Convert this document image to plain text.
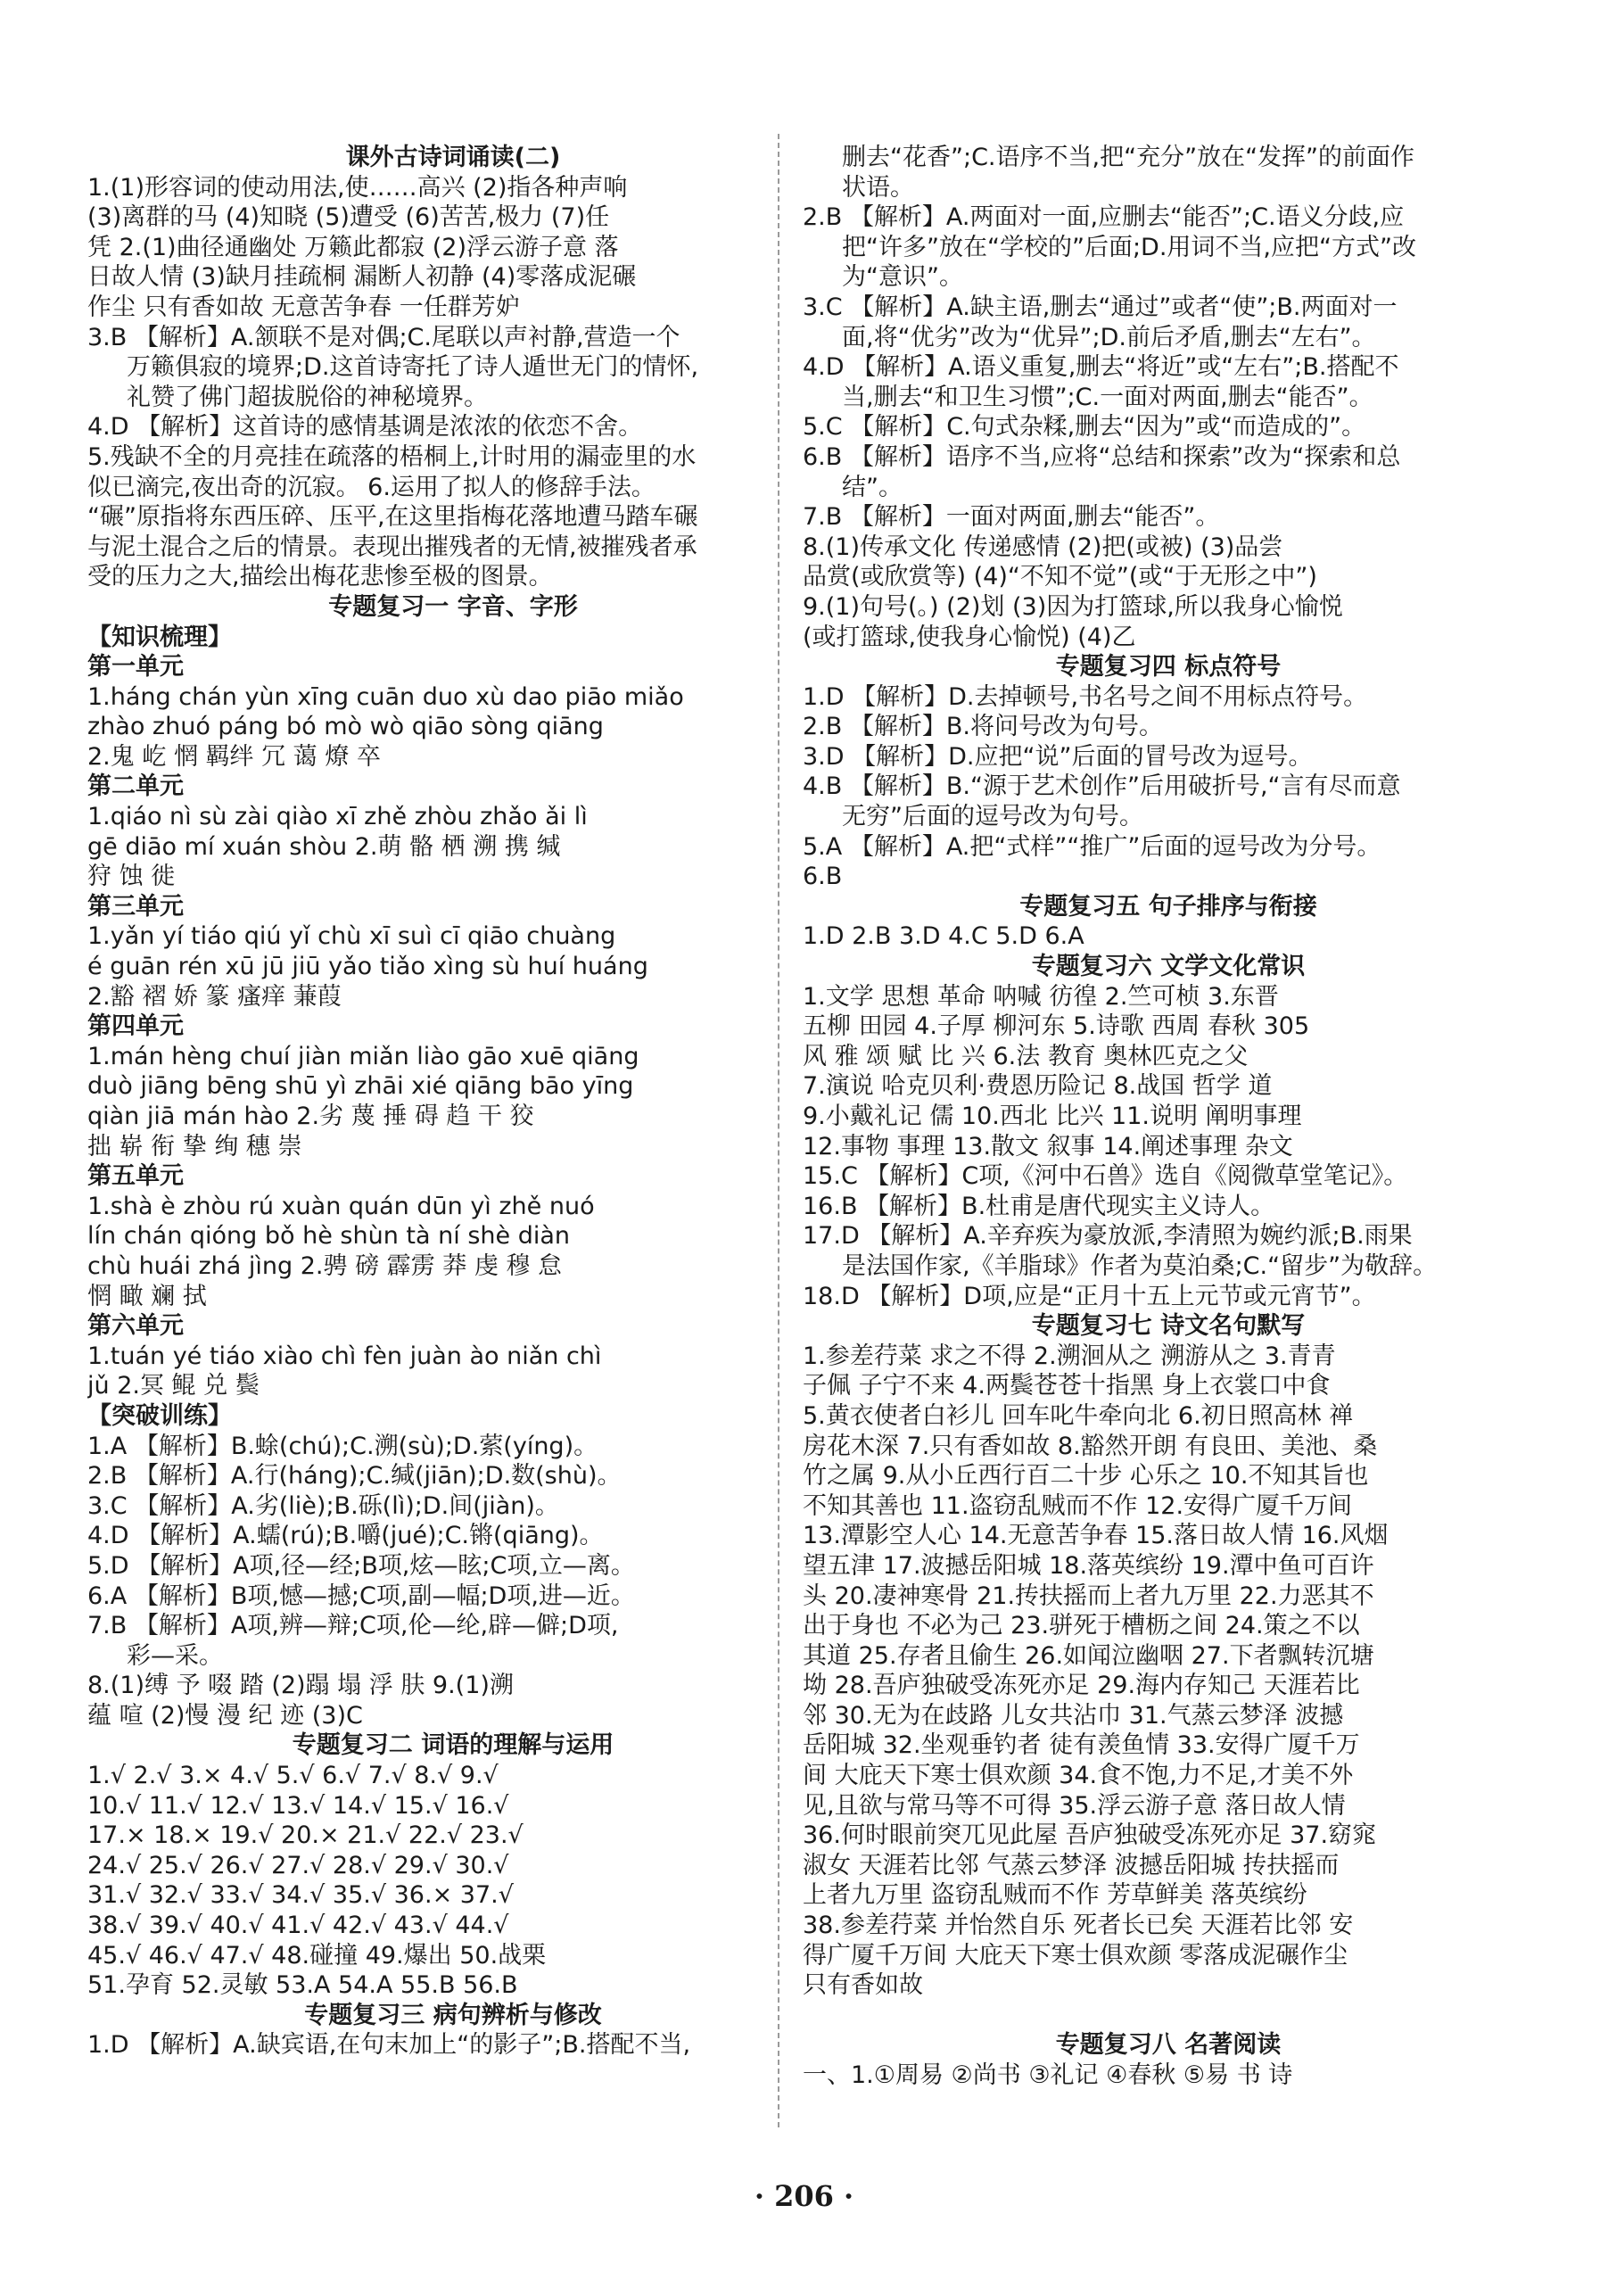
课外古诗词诵读(二)
1.(1)形容词的使动用法,使……高兴 (2)指各种声响
(3)离群的马 (4)知晓 (5)遭受 (6)苦苦,极力 (7)任
凭 2.(1)曲径通幽处 万籁此都寂 (2)浮云游子意 落
日故人情 (3)缺月挂疏桐 漏断人初静 (4)零落成泥碾
作尘 只有香如故 无意苦争春 一任群芳妒
3.B 【解析】A.颔联不是对偶;C.尾联以声衬静,营造一个
万籁俱寂的境界;D.这首诗寄托了诗人遁世无门的情怀,
礼赞了佛门超拔脱俗的神秘境界。
4.D 【解析】这首诗的感情基调是浓浓的依恋不舍。
5.残缺不全的月亮挂在疏落的梧桐上,计时用的漏壶里的水
似已滴完,夜出奇的沉寂。 6.运用了拟人的修辞手法。
“碾”原指将东西压碎、压平,在这里指梅花落地遭马踏车碾
与泥土混合之后的情景。表现出摧残者的无情,被摧残者承
受的压力之大,描绘出梅花悲惨至极的图景。
专题复习一 字音、字形
【知识梳理】
第一单元
1.háng chán yùn xīng cuān duo xù dao piāo miǎo
zhào zhuó páng bó mò wò qiāo sòng qiāng
2.鬼 屹 惘 羁绊 冗 蔼 燎 卒
第二单元
1.qiáo nì sù zài qiào xī zhě zhòu zhǎo ǎi lì
gē diāo mí xuán shòu 2.萌 骼 栖 溯 携 缄
狩 蚀 徙
第三单元
1.yǎn yí tiáo qiú yǐ chù xī suì cī qiāo chuàng
é guān rén xū jū jiū yǎo tiǎo xìng sù huí huáng
2.豁 褶 娇 篆 瘙痒 蒹葭
第四单元
1.mán hèng chuí jiàn miǎn liào gāo xuē qiāng
duò jiāng bēng shū yì zhāi xié qiāng bāo yīng
qiàn jiā mán hào 2.劣 蔑 捶 碍 趋 干 狡
拙 崭 衔 挚 绚 穗 崇
第五单元
1.shà è zhòu rú xuàn quán dūn yì zhě nuó
lín chán qióng bǒ hè shùn tà ní shè diàn
chù huái zhá jìng 2.骋 磅 霹雳 莽 虔 穆 怠
惘 瞰 斓 拭
第六单元
1.tuán yé tiáo xiào chì fèn juàn ào niǎn chì
jǔ 2.冥 鲲 兑 鬓
【突破训练】
1.A 【解析】B.蜍(chú);C.溯(sù);D.萦(yíng)。
2.B 【解析】A.行(háng);C.缄(jiān);D.数(shù)。
3.C 【解析】A.劣(liè);B.砾(lì);D.间(jiàn)。
4.D 【解析】A.蠕(rú);B.嚼(jué);C.锵(qiāng)。
5.D 【解析】A项,径—经;B项,炫—眩;C项,立—离。
6.A 【解析】B项,憾—撼;C项,副—幅;D项,进—近。
7.B 【解析】A项,辨—辩;C项,伦—纶,辟—僻;D项,
彩—采。
8.(1)缚 予 啜 踏 (2)蹋 塌 浮 肤 9.(1)溯
蕴 喧 (2)慢 漫 纪 迹 (3)C
专题复习二 词语的理解与运用
1.√ 2.√ 3.× 4.√ 5.√ 6.√ 7.√ 8.√ 9.√
10.√ 11.√ 12.√ 13.√ 14.√ 15.√ 16.√
17.× 18.× 19.√ 20.× 21.√ 22.√ 23.√
24.√ 25.√ 26.√ 27.√ 28.√ 29.√ 30.√
31.√ 32.√ 33.√ 34.√ 35.√ 36.× 37.√
38.√ 39.√ 40.√ 41.√ 42.√ 43.√ 44.√
45.√ 46.√ 47.√ 48.碰撞 49.爆出 50.战栗
51.孕育 52.灵敏 53.A 54.A 55.B 56.B
专题复习三 病句辨析与修改
1.D 【解析】A.缺宾语,在句末加上“的影子”;B.搭配不当,
删去“花香”;C.语序不当,把“充分”放在“发挥”的前面作
状语。
2.B 【解析】A.两面对一面,应删去“能否”;C.语义分歧,应
把“许多”放在“学校的”后面;D.用词不当,应把“方式”改
为“意识”。
3.C 【解析】A.缺主语,删去“通过”或者“使”;B.两面对一
面,将“优劣”改为“优异”;D.前后矛盾,删去“左右”。
4.D 【解析】A.语义重复,删去“将近”或“左右”;B.搭配不
当,删去“和卫生习惯”;C.一面对两面,删去“能否”。
5.C 【解析】C.句式杂糅,删去“因为”或“而造成的”。
6.B 【解析】语序不当,应将“总结和探索”改为“探索和总
结”。
7.B 【解析】一面对两面,删去“能否”。
8.(1)传承文化 传递感情 (2)把(或被) (3)品尝
品赏(或欣赏等) (4)“不知不觉”(或“于无形之中”)
9.(1)句号(。) (2)划 (3)因为打篮球,所以我身心愉悦
(或打篮球,使我身心愉悦) (4)乙
专题复习四 标点符号
1.D 【解析】D.去掉顿号,书名号之间不用标点符号。
2.B 【解析】B.将问号改为句号。
3.D 【解析】D.应把“说”后面的冒号改为逗号。
4.B 【解析】B.“源于艺术创作”后用破折号,“言有尽而意
无穷”后面的逗号改为句号。
5.A 【解析】A.把“式样”“推广”后面的逗号改为分号。
6.B
专题复习五 句子排序与衔接
1.D 2.B 3.D 4.C 5.D 6.A
专题复习六 文学文化常识
1.文学 思想 革命 呐喊 彷徨 2.竺可桢 3.东晋
五柳 田园 4.子厚 柳河东 5.诗歌 西周 春秋 305
风 雅 颂 赋 比 兴 6.法 教育 奥林匹克之父
7.演说 哈克贝利·费恩历险记 8.战国 哲学 道
9.小戴礼记 儒 10.西北 比兴 11.说明 阐明事理
12.事物 事理 13.散文 叙事 14.阐述事理 杂文
15.C 【解析】C项,《河中石兽》选自《阅微草堂笔记》。
16.B 【解析】B.杜甫是唐代现实主义诗人。
17.D 【解析】A.辛弃疾为豪放派,李清照为婉约派;B.雨果
是法国作家,《羊脂球》作者为莫泊桑;C.“留步”为敬辞。
18.D 【解析】D项,应是“正月十五上元节或元宵节”。
专题复习七 诗文名句默写
1.参差荇菜 求之不得 2.溯洄从之 溯游从之 3.青青
子佩 子宁不来 4.两鬓苍苍十指黑 身上衣裳口中食
5.黄衣使者白衫儿 回车叱牛牵向北 6.初日照高林 禅
房花木深 7.只有香如故 8.豁然开朗 有良田、美池、桑
竹之属 9.从小丘西行百二十步 心乐之 10.不知其旨也
不知其善也 11.盗窃乱贼而不作 12.安得广厦千万间
13.潭影空人心 14.无意苦争春 15.落日故人情 16.风烟
望五津 17.波撼岳阳城 18.落英缤纷 19.潭中鱼可百许
头 20.凄神寒骨 21.抟扶摇而上者九万里 22.力恶其不
出于身也 不必为己 23.骈死于槽枥之间 24.策之不以
其道 25.存者且偷生 26.如闻泣幽咽 27.下者飘转沉塘
坳 28.吾庐独破受冻死亦足 29.海内存知己 天涯若比
邻 30.无为在歧路 儿女共沾巾 31.气蒸云梦泽 波撼
岳阳城 32.坐观垂钓者 徒有羡鱼情 33.安得广厦千万
间 大庇天下寒士俱欢颜 34.食不饱,力不足,才美不外
见,且欲与常马等不可得 35.浮云游子意 落日故人情
36.何时眼前突兀见此屋 吾庐独破受冻死亦足 37.窈窕
淑女 天涯若比邻 气蒸云梦泽 波撼岳阳城 抟扶摇而
上者九万里 盗窃乱贼而不作 芳草鲜美 落英缤纷
38.参差荇菜 并怡然自乐 死者长已矣 天涯若比邻 安
得广厦千万间 大庇天下寒士俱欢颜 零落成泥碾作尘
只有香如故

专题复习八 名著阅读
一、1.①周易 ②尚书 ③礼记 ④春秋 ⑤易 书 诗
· 206 ·
